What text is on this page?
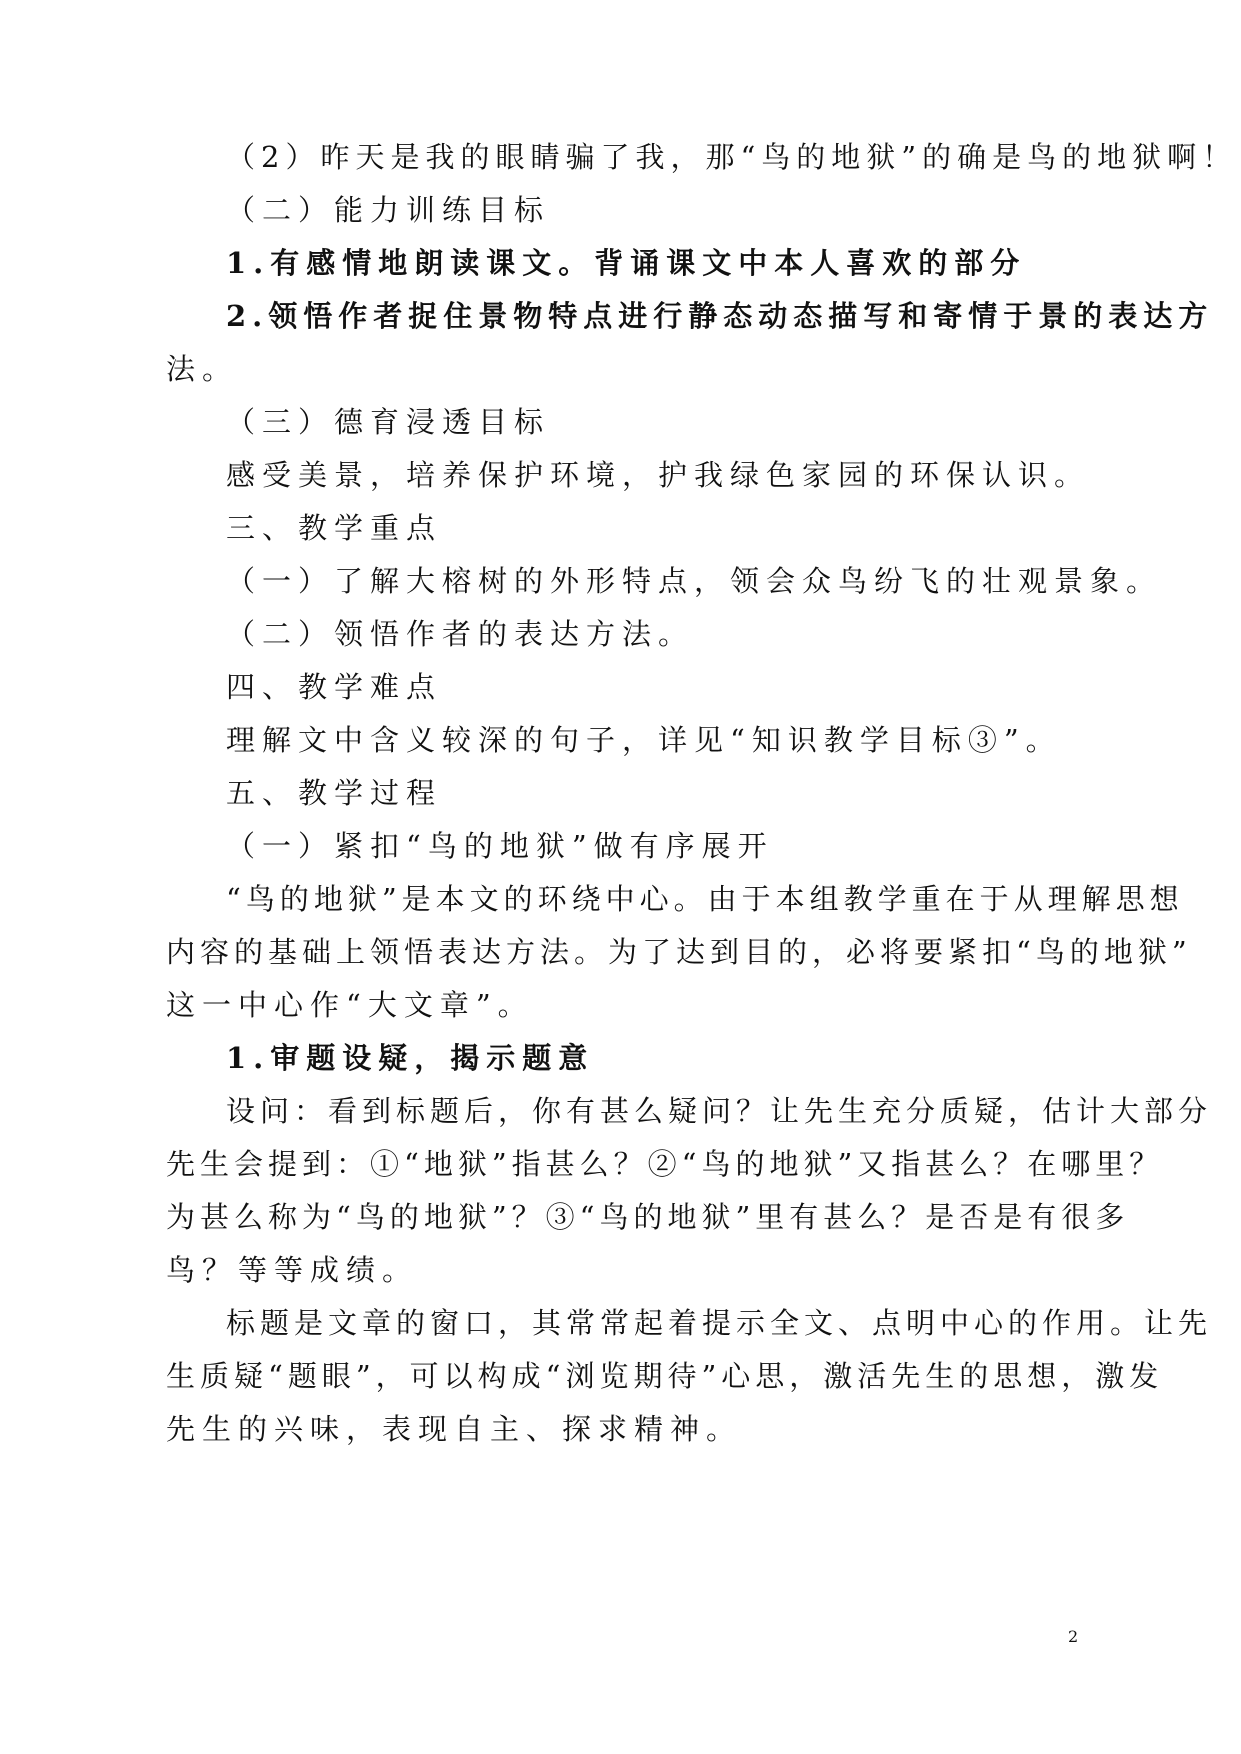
（2）昨天是我的眼睛骗了我，那“鸟的地狱”的确是鸟的地狱啊！
（二）能力训练目标
1.有感情地朗读课文。背诵课文中本人喜欢的部分
2.领悟作者捉住景物特点进行静态动态描写和寄情于景的表达方
法。
（三）德育浸透目标
感受美景，培养保护环境，护我绿色家园的环保认识。
三、教学重点
（一）了解大榕树的外形特点，领会众鸟纷飞的壮观景象。
（二）领悟作者的表达方法。
四、教学难点
理解文中含义较深的句子，详见“知识教学目标③”。
五、教学过程
（一）紧扣“鸟的地狱”做有序展开
“鸟的地狱”是本文的环绕中心。由于本组教学重在于从理解思想
内容的基础上领悟表达方法。为了达到目的，必将要紧扣“鸟的地狱”
这一中心作“大文章”。
1.审题设疑，揭示题意
设问：看到标题后，你有甚么疑问？让先生充分质疑，估计大部分
先生会提到：①“地狱”指甚么？②“鸟的地狱”又指甚么？在哪里？
为甚么称为“鸟的地狱”？③“鸟的地狱”里有甚么？是否是有很多
鸟？等等成绩。
标题是文章的窗口，其常常起着提示全文、点明中心的作用。让先
生质疑“题眼”，可以构成“浏览期待”心思，激活先生的思想，激发
先生的兴味，表现自主、探求精神。
2
